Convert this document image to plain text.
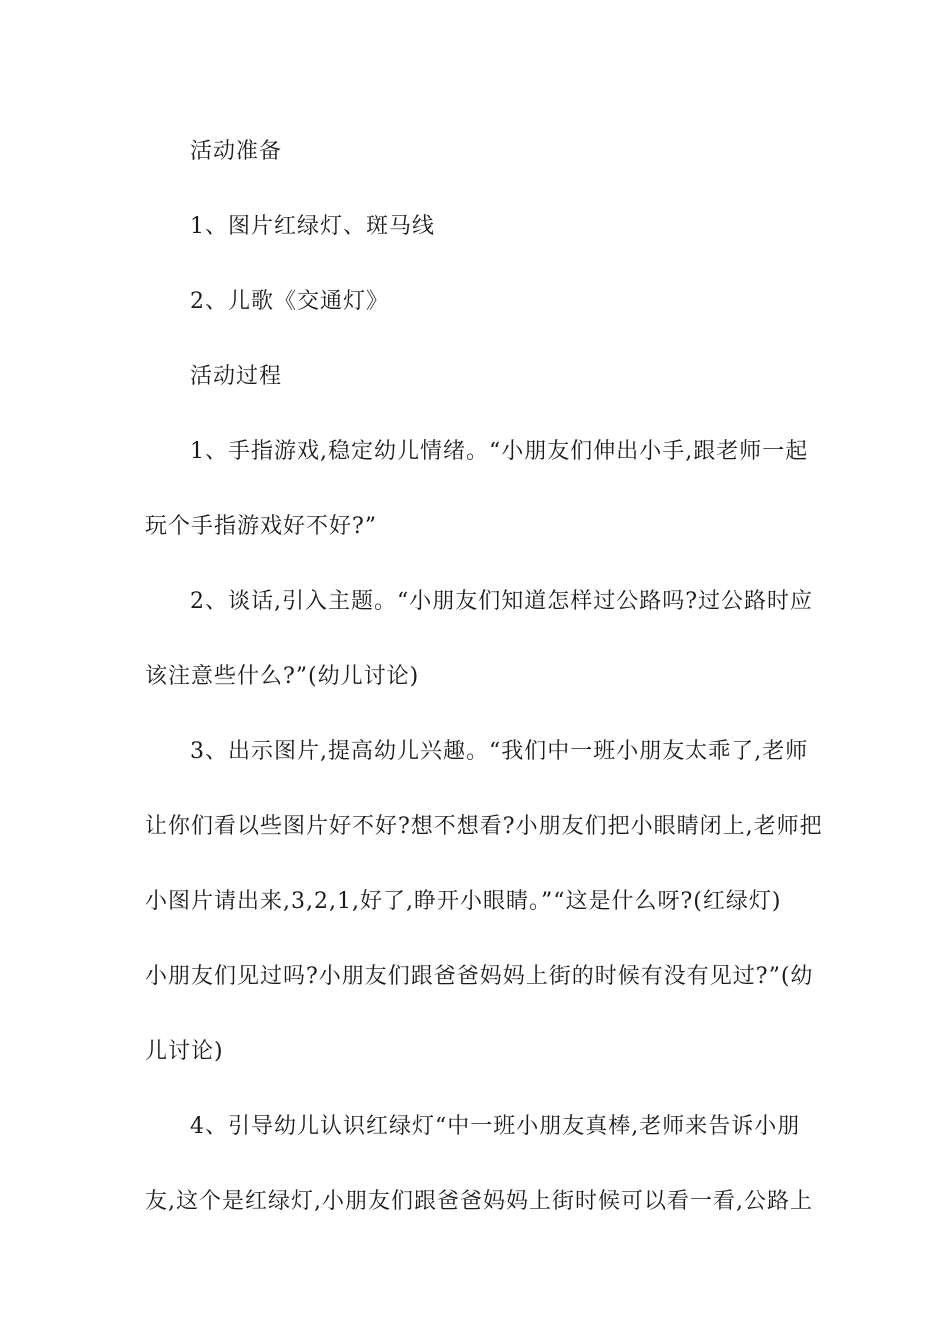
活动准备
1、图片红绿灯、斑马线
2、儿歌《交通灯》
活动过程
1、手指游戏,稳定幼儿情绪。“小朋友们伸出小手,跟老师一起
玩个手指游戏好不好?”
2、谈话,引入主题。“小朋友们知道怎样过公路吗?过公路时应
该注意些什么?”(幼儿讨论)
3、出示图片,提高幼儿兴趣。“我们中一班小朋友太乖了,老师
让你们看以些图片好不好?想不想看?小朋友们把小眼睛闭上,老师把
小图片请出来,3,2,1,好了,睁开小眼睛。”“这是什么呀?(红绿灯)
小朋友们见过吗?小朋友们跟爸爸妈妈上街的时候有没有见过?”(幼
儿讨论)
4、引导幼儿认识红绿灯“中一班小朋友真棒,老师来告诉小朋
友,这个是红绿灯,小朋友们跟爸爸妈妈上街时候可以看一看,公路上
